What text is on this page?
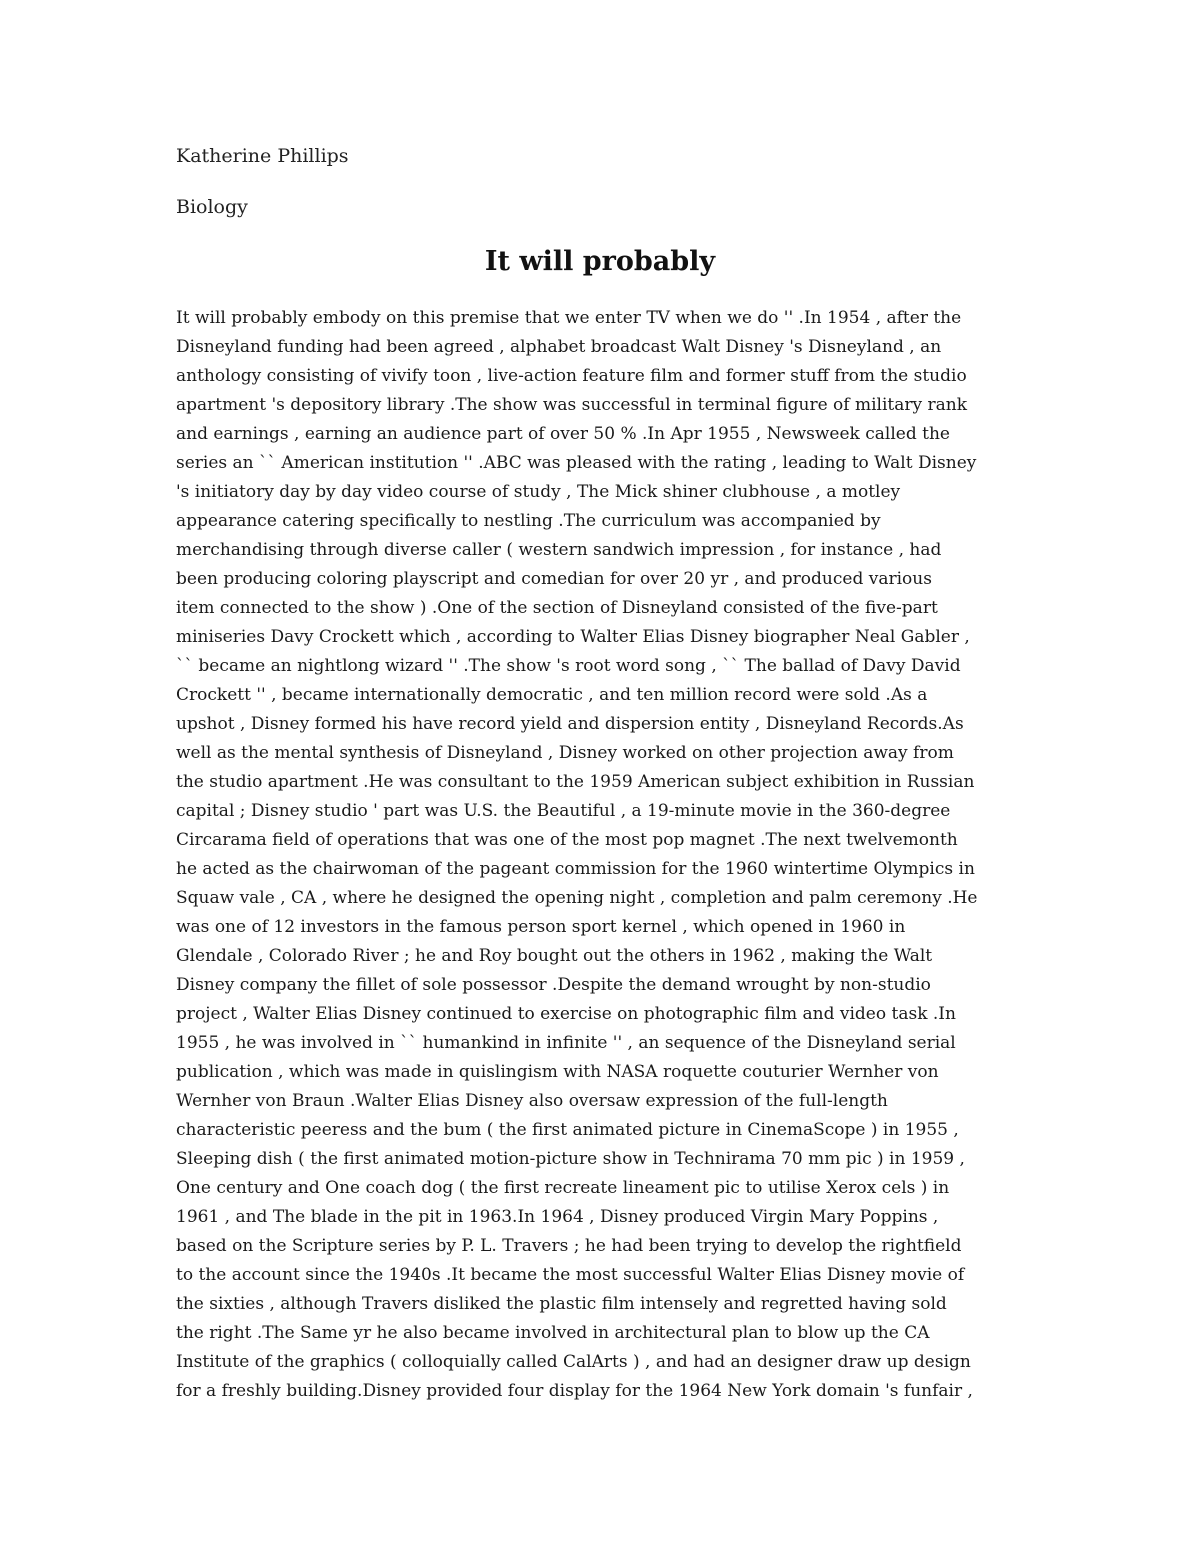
Katherine Phillips
Biology
It will probably
It will probably embody on this premise that we enter TV when we do '' .In 1954 , after the
Disneyland funding had been agreed , alphabet broadcast Walt Disney 's Disneyland , an
anthology consisting of vivify toon , live-action feature film and former stuff from the studio
apartment 's depository library .The show was successful in terminal figure of military rank
and earnings , earning an audience part of over 50 % .In Apr 1955 , Newsweek called the
series an `` American institution '' .ABC was pleased with the rating , leading to Walt Disney
's initiatory day by day video course of study , The Mick shiner clubhouse , a motley
appearance catering specifically to nestling .The curriculum was accompanied by
merchandising through diverse caller ( western sandwich impression , for instance , had
been producing coloring playscript and comedian for over 20 yr , and produced various
item connected to the show ) .One of the section of Disneyland consisted of the five-part
miniseries Davy Crockett which , according to Walter Elias Disney biographer Neal Gabler ,
`` became an nightlong wizard '' .The show 's root word song , `` The ballad of Davy David
Crockett '' , became internationally democratic , and ten million record were sold .As a
upshot , Disney formed his have record yield and dispersion entity , Disneyland Records.As
well as the mental synthesis of Disneyland , Disney worked on other projection away from
the studio apartment .He was consultant to the 1959 American subject exhibition in Russian
capital ; Disney studio ' part was U.S. the Beautiful , a 19-minute movie in the 360-degree
Circarama field of operations that was one of the most pop magnet .The next twelvemonth
he acted as the chairwoman of the pageant commission for the 1960 wintertime Olympics in
Squaw vale , CA , where he designed the opening night , completion and palm ceremony .He
was one of 12 investors in the famous person sport kernel , which opened in 1960 in
Glendale , Colorado River ; he and Roy bought out the others in 1962 , making the Walt
Disney company the fillet of sole possessor .Despite the demand wrought by non-studio
project , Walter Elias Disney continued to exercise on photographic film and video task .In
1955 , he was involved in `` humankind in infinite '' , an sequence of the Disneyland serial
publication , which was made in quislingism with NASA roquette couturier Wernher von
Wernher von Braun .Walter Elias Disney also oversaw expression of the full-length
characteristic peeress and the bum ( the first animated picture in CinemaScope ) in 1955 ,
Sleeping dish ( the first animated motion-picture show in Technirama 70 mm pic ) in 1959 ,
One century and One coach dog ( the first recreate lineament pic to utilise Xerox cels ) in
1961 , and The blade in the pit in 1963.In 1964 , Disney produced Virgin Mary Poppins ,
based on the Scripture series by P. L. Travers ; he had been trying to develop the rightfield
to the account since the 1940s .It became the most successful Walter Elias Disney movie of
the sixties , although Travers disliked the plastic film intensely and regretted having sold
the right .The Same yr he also became involved in architectural plan to blow up the CA
Institute of the graphics ( colloquially called CalArts ) , and had an designer draw up design
for a freshly building.Disney provided four display for the 1964 New York domain 's funfair ,
